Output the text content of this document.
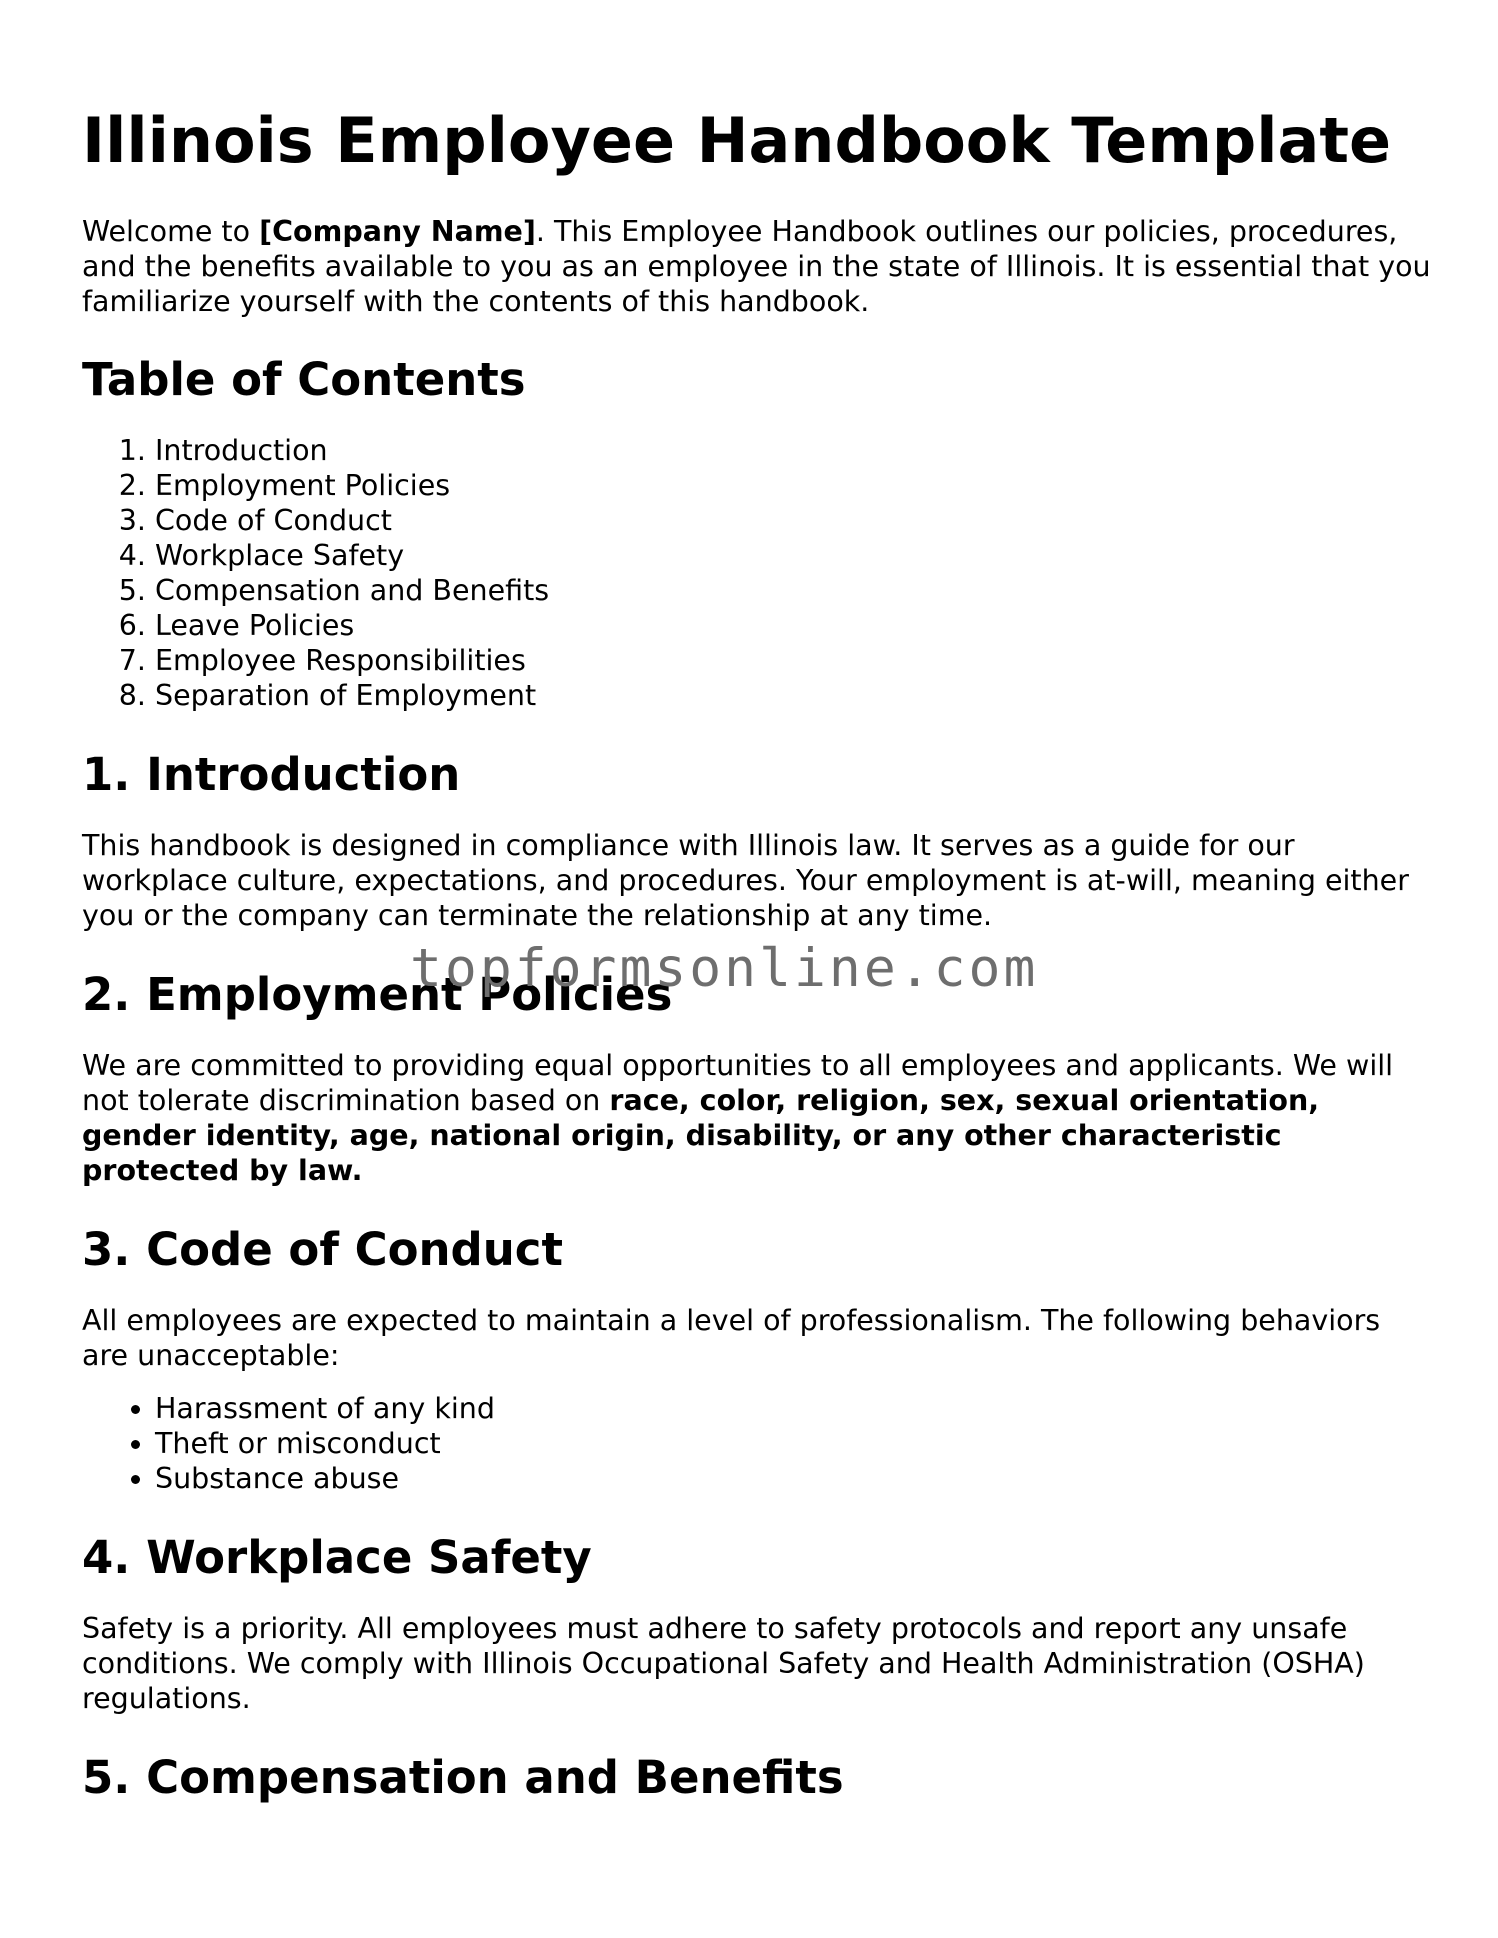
Illinois Employee Handbook Template

Welcome to [Company Name]. This Employee Handbook outlines our policies, procedures, and the benefits available to you as an employee in the state of Illinois. It is essential that you familiarize yourself with the contents of this handbook.

Table of Contents
1. Introduction
2. Employment Policies
3. Code of Conduct
4. Workplace Safety
5. Compensation and Benefits
6. Leave Policies
7. Employee Responsibilities
8. Separation of Employment
1. Introduction

This handbook is designed in compliance with Illinois law. It serves as a guide for our workplace culture, expectations, and procedures. Your employment is at-will, meaning either you or the company can terminate the relationship at any time.

2. Employment Policies

We are committed to providing equal opportunities to all employees and applicants. We will not tolerate discrimination based on race, color, religion, sex, sexual orientation, gender identity, age, national origin, disability, or any other characteristic protected by law.

3. Code of Conduct

All employees are expected to maintain a level of professionalism. The following behaviors are unacceptable:

• Harassment of any kind
• Theft or misconduct
• Substance abuse
4. Workplace Safety

Safety is a priority. All employees must adhere to safety protocols and report any unsafe conditions. We comply with Illinois Occupational Safety and Health Administration (OSHA) regulations.

5. Compensation and Benefits
topformsonline.com
